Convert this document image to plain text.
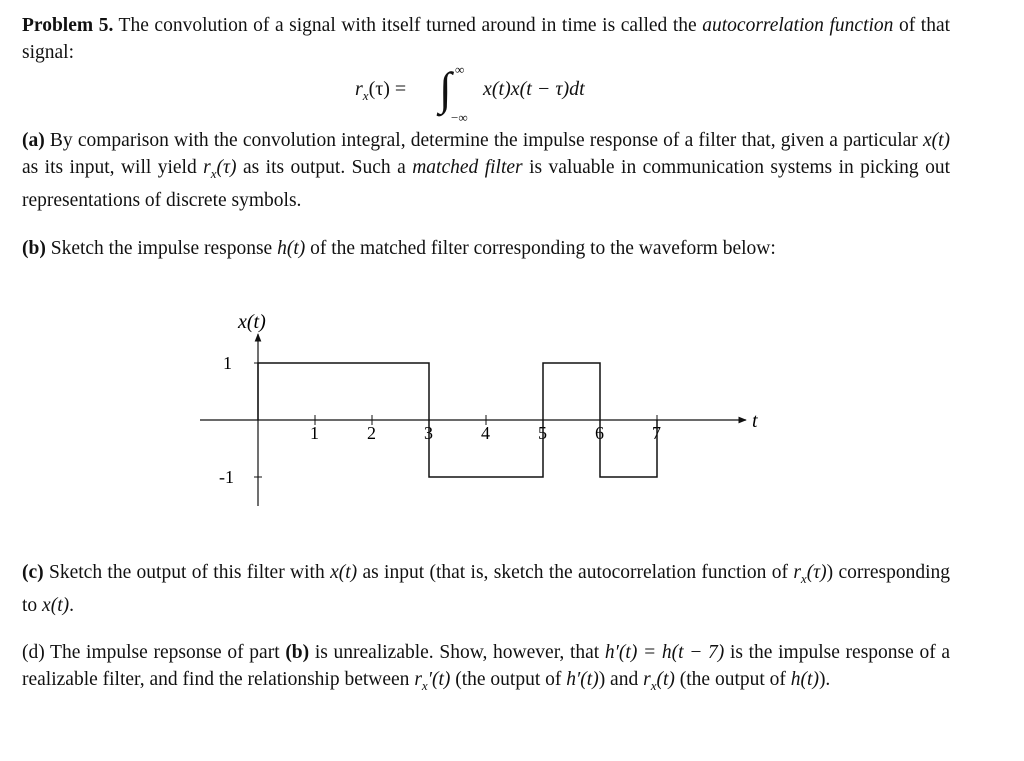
Problem 5. The convolution of a signal with itself turned around in time is called the autocorrelation function of that signal:
$r_x(\tau)$ = ∫ ∞
−∞
x(t)x(t − τ)dt
(a) By comparison with the convolution integral, determine the impulse response of a filter that, given a particular x(t) as its input, will yield $r_x(\tau)$ as its output. Such a matched filter is valuable in communication systems in picking out representations of discrete symbols.
(b) Sketch the impulse response h(t) of the matched filter corresponding to the waveform below:
x(t)
t
1
-1
1	2	3	4	5	6	7
(c) Sketch the output of this filter with x(t) as input (that is, sketch the autocorrelation function of $r_x(\tau)$) corresponding to x(t).
(d) The impulse repsonse of part (b) is unrealizable. Show, however, that h′(t) = h(t − 7) is the impulse response of a realizable filter, and find the relationship between $r_x'(t)$ (the output of h′(t)) and $r_x(t)$ (the output of h(t)).
